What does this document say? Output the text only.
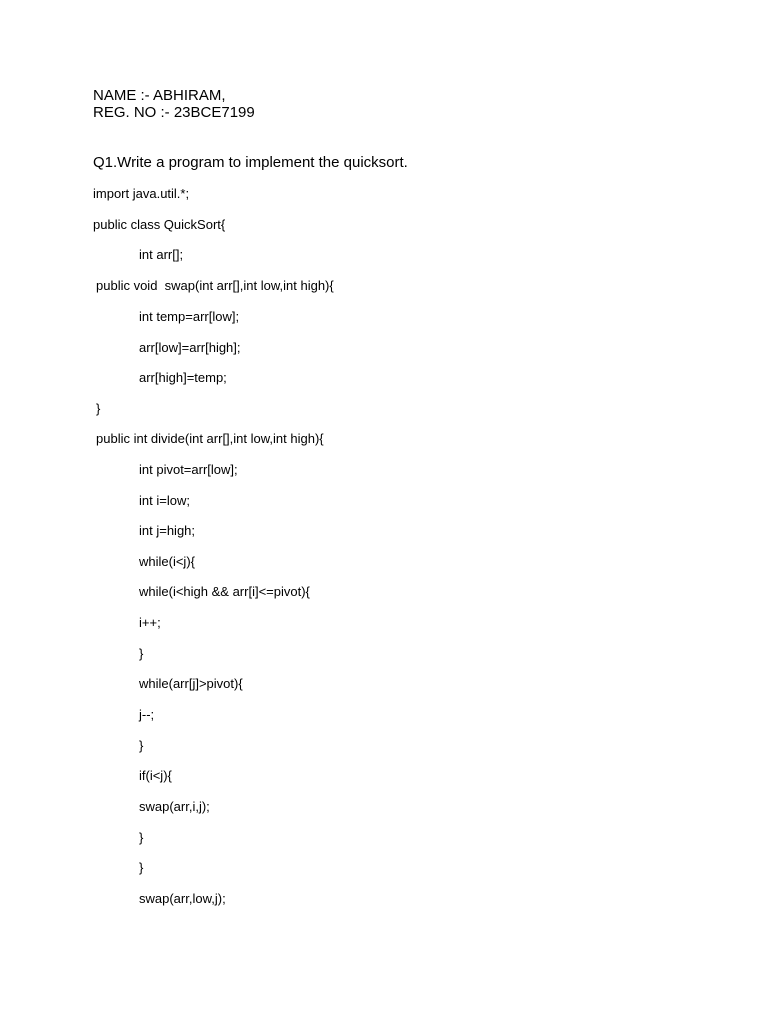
NAME :- ABHIRAM,
REG. NO :- 23BCE7199
Q1.Write a program to implement the quicksort.
import java.util.*;
public class QuickSort{
int arr[];
public void  swap(int arr[],int low,int high){
int temp=arr[low];
arr[low]=arr[high];
arr[high]=temp;
}
public int divide(int arr[],int low,int high){
int pivot=arr[low];
int i=low;
int j=high;
while(i<j){
while(i<high && arr[i]<=pivot){
i++;
}
while(arr[j]>pivot){
j--;
}
if(i<j){
swap(arr,i,j);
}
}
swap(arr,low,j);
